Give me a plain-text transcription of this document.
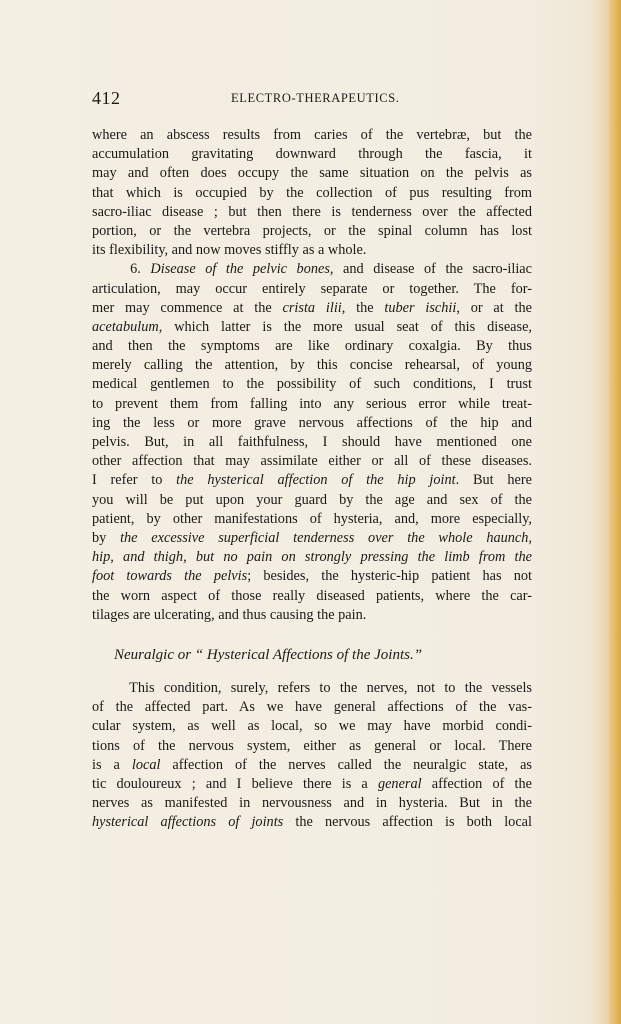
412	ELECTRO-THERAPEUTICS.
where an abscess results from caries of the vertebræ, but the
accumulation gravitating downward through the fascia, it
may and often does occupy the same situation on the pelvis as
that which is occupied by the collection of pus resulting from
sacro-iliac disease ; but then there is tenderness over the affected
portion, or the vertebra projects, or the spinal column has lost
its flexibility, and now moves stiffly as a whole.
6. Disease of the pelvic bones, and disease of the sacro-iliac
articulation, may occur entirely separate or together. The for-
mer may commence at the crista ilii, the tuber ischii, or at the
acetabulum, which latter is the more usual seat of this disease,
and then the symptoms are like ordinary coxalgia. By thus
merely calling the attention, by this concise rehearsal, of young
medical gentlemen to the possibility of such conditions, I trust
to prevent them from falling into any serious error while treat-
ing the less or more grave nervous affections of the hip and
pelvis. But, in all faithfulness, I should have mentioned one
other affection that may assimilate either or all of these diseases.
I refer to the hysterical affection of the hip joint. But here
you will be put upon your guard by the age and sex of the
patient, by other manifestations of hysteria, and, more especially,
by the excessive superficial tenderness over the whole haunch,
hip, and thigh, but no pain on strongly pressing the limb from the
foot towards the pelvis; besides, the hysteric-hip patient has not
the worn aspect of those really diseased patients, where the car-
tilages are ulcerating, and thus causing the pain.
Neuralgic or “ Hysterical Affections of the Joints.”
This condition, surely, refers to the nerves, not to the vessels
of the affected part. As we have general affections of the vas-
cular system, as well as local, so we may have morbid condi-
tions of the nervous system, either as general or local. There
is a local affection of the nerves called the neuralgic state, as
tic douloureux ; and I believe there is a general affection of the
nerves as manifested in nervousness and in hysteria. But in the
hysterical affections of joints the nervous affection is both local
